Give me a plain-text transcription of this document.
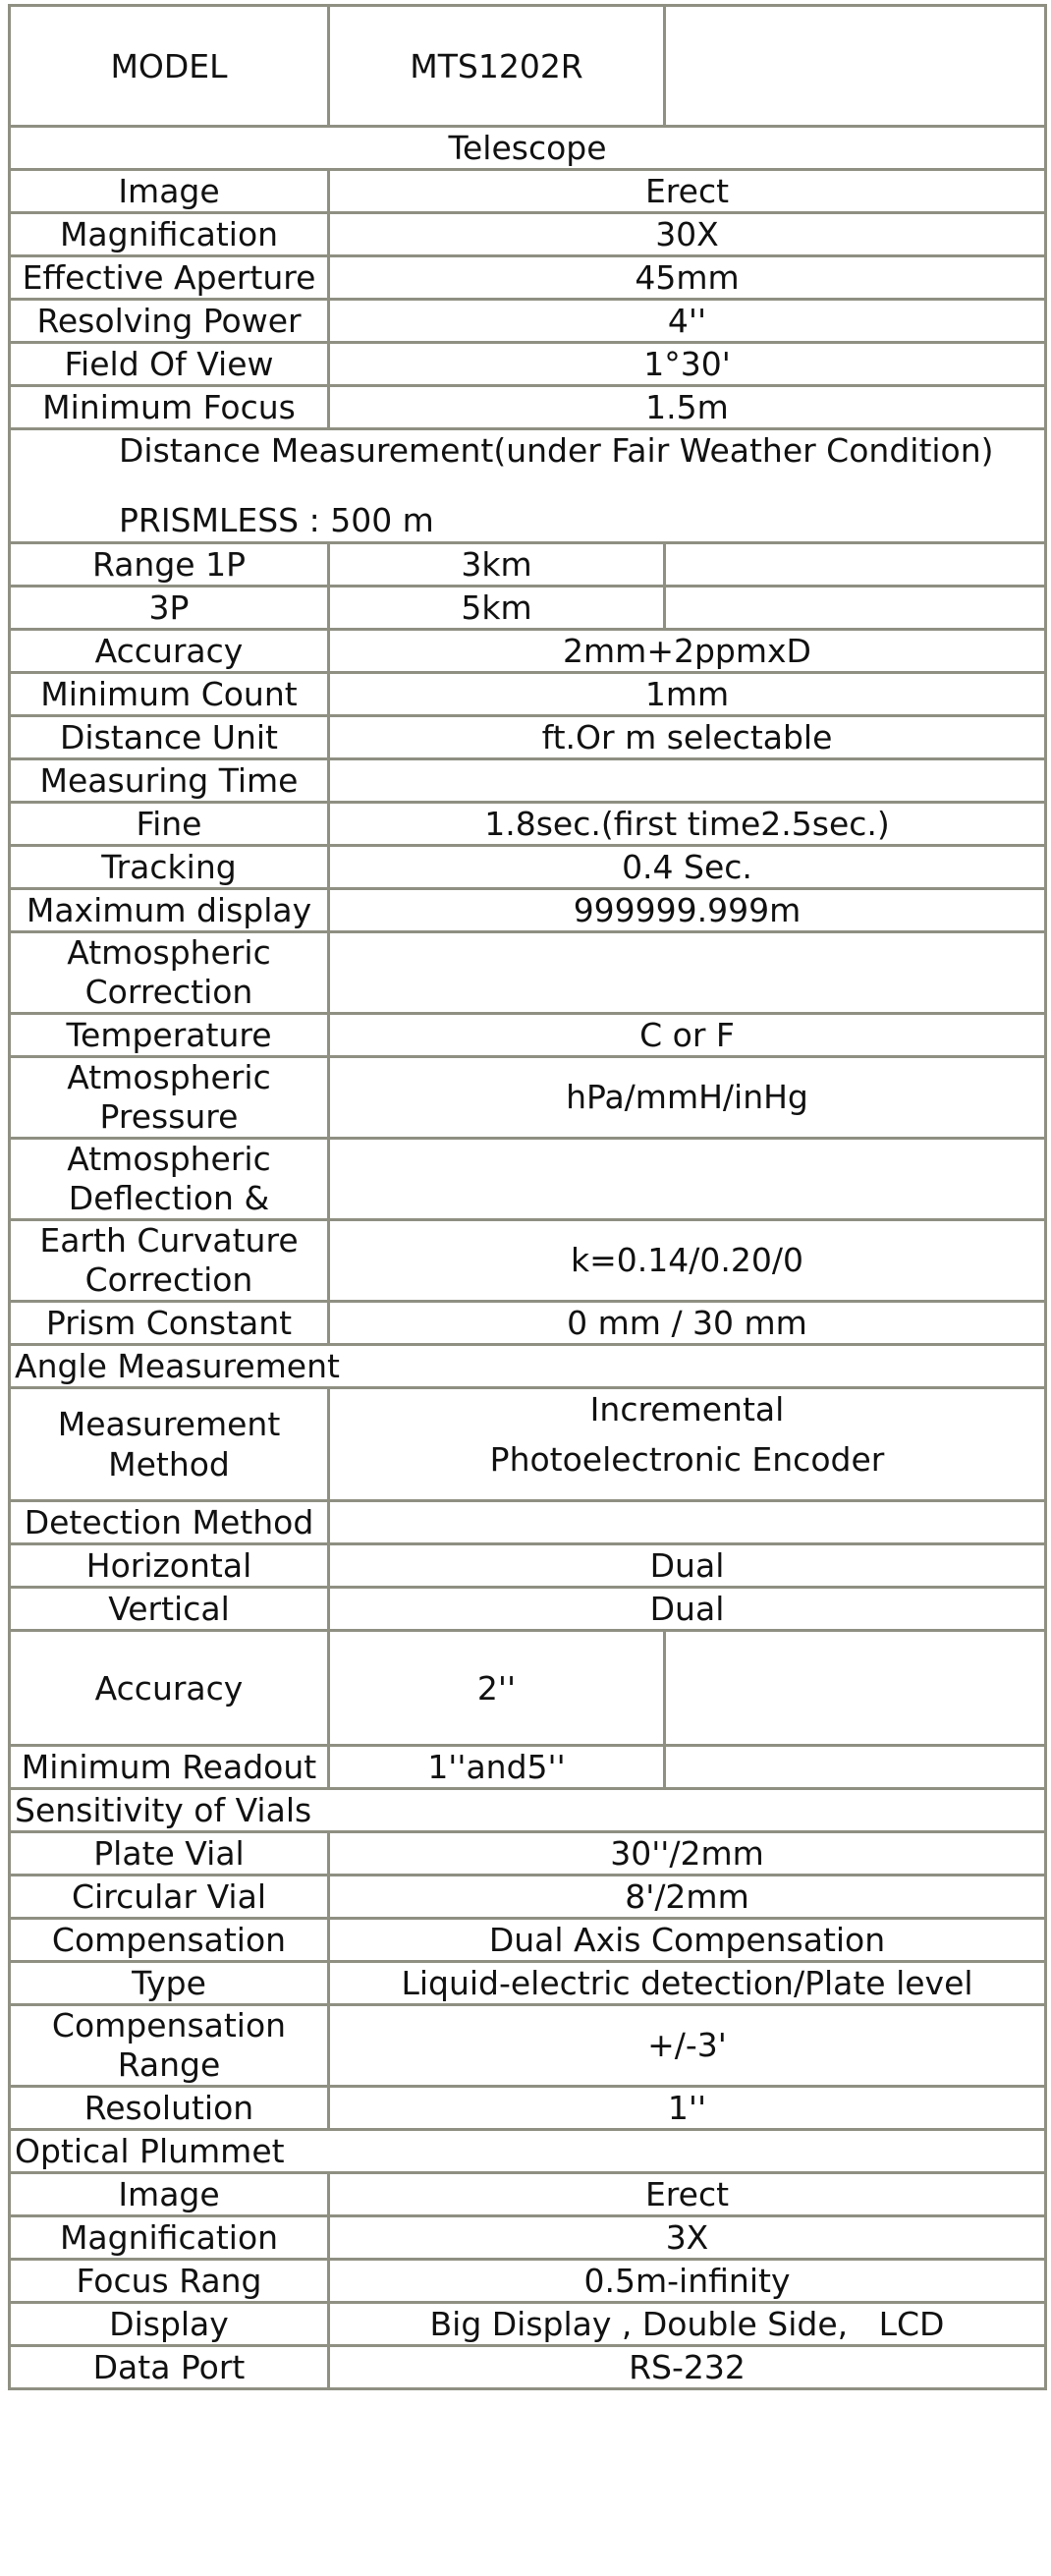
MODEL	MTS1202R	
Telescope		
Image	Erect	
Magnification	30X	
Effective Aperture	45mm	
Resolving Power	4''	
Field Of View	1°30'	
Minimum Focus	1.5m	

Distance Measurement(under Fair Weather Condition)
PRISMLESS : 500 m		

Range 1P	3km	
3P	5km	
Accuracy	2mm+2ppmxD	
Minimum Count	1mm	
Distance Unit	ft.Or m selectable	
Measuring Time		
Fine	1.8sec.(first time2.5sec.)	
Tracking	0.4 Sec.	
Maximum display	999999.999m	
Atmospheric Correction		
Temperature	C or F	
Atmospheric Pressure	hPa/mmH/inHg	
Atmospheric Deflection &		
Earth Curvature Correction	k=0.14/0.20/0	
Prism Constant	0 mm / 30 mm	
Angle Measurement		
Measurement Method	Incremental
Photoelectronic Encoder	

Detection Method		
Horizontal	Dual	
Vertical	Dual	
Accuracy	2''	
Minimum Readout	1''and5''	
Sensitivity of Vials		
Plate Vial	30''/2mm	
Circular Vial	8'/2mm	
Compensation	Dual Axis Compensation	
Type	Liquid-electric detection/Plate level	
Compensation Range	+/-3'	
Resolution	1''	
Optical Plummet		
Image	Erect	
Magnification	3X	
Focus Rang	0.5m-infinity	
Display	Big Display , Double Side,   LCD	
Data Port	RS-232	
